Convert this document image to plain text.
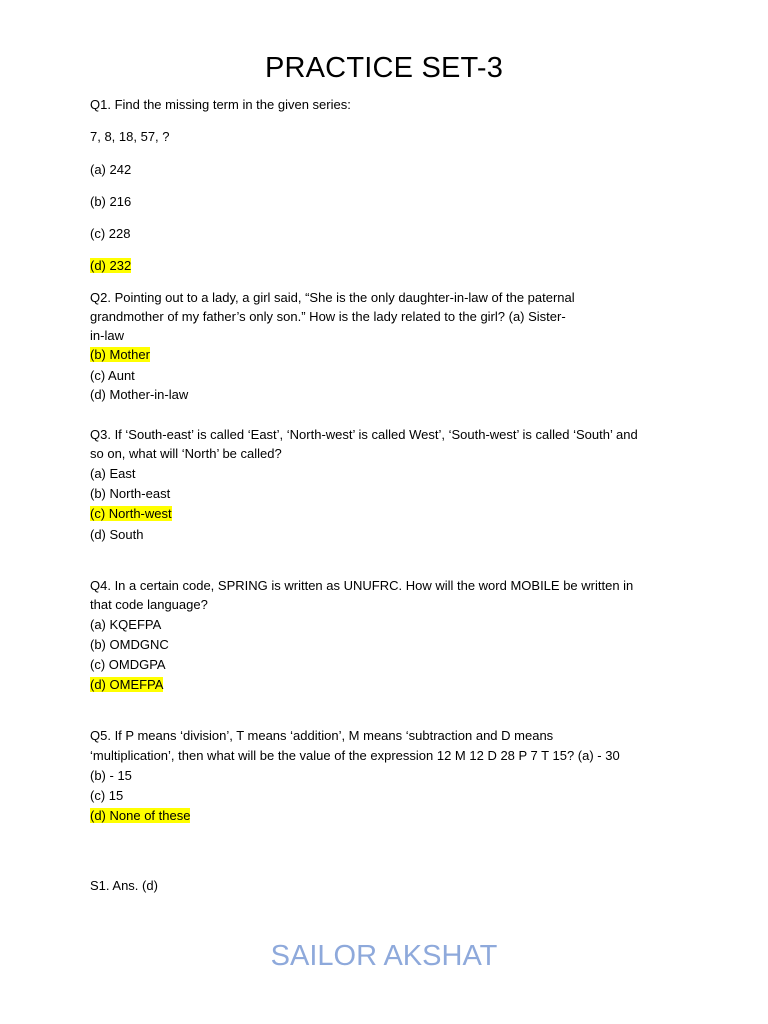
PRACTICE SET-3
Q1. Find the missing term in the given series:
7, 8, 18, 57, ?
(a) 242
(b) 216
(c) 228
(d) 232
Q2. Pointing out to a lady, a girl said, “She is the only daughter-in-law of the paternal
grandmother of my father’s only son.” How is the lady related to the girl? (a) Sister-
in-law
(b) Mother
(c) Aunt
(d) Mother-in-law
Q3. If ‘South-east’ is called ‘East’, ‘North-west’ is called West’, ‘South-west’ is called ‘South’ and
so on, what will ‘North’ be called?
(a) East
(b) North-east
(c) North-west
(d) South
Q4. In a certain code, SPRING is written as UNUFRC. How will the word MOBILE be written in
that code language?
(a) KQEFPA
(b) OMDGNC
(c) OMDGPA
(d) OMEFPA
Q5. If P means ‘division’, T means ‘addition’, M means ‘subtraction and D means
‘multiplication’, then what will be the value of the expression 12 M 12 D 28 P 7 T 15? (a) - 30
(b) - 15
(c) 15
(d) None of these
S1. Ans. (d)
SAILOR AKSHAT
